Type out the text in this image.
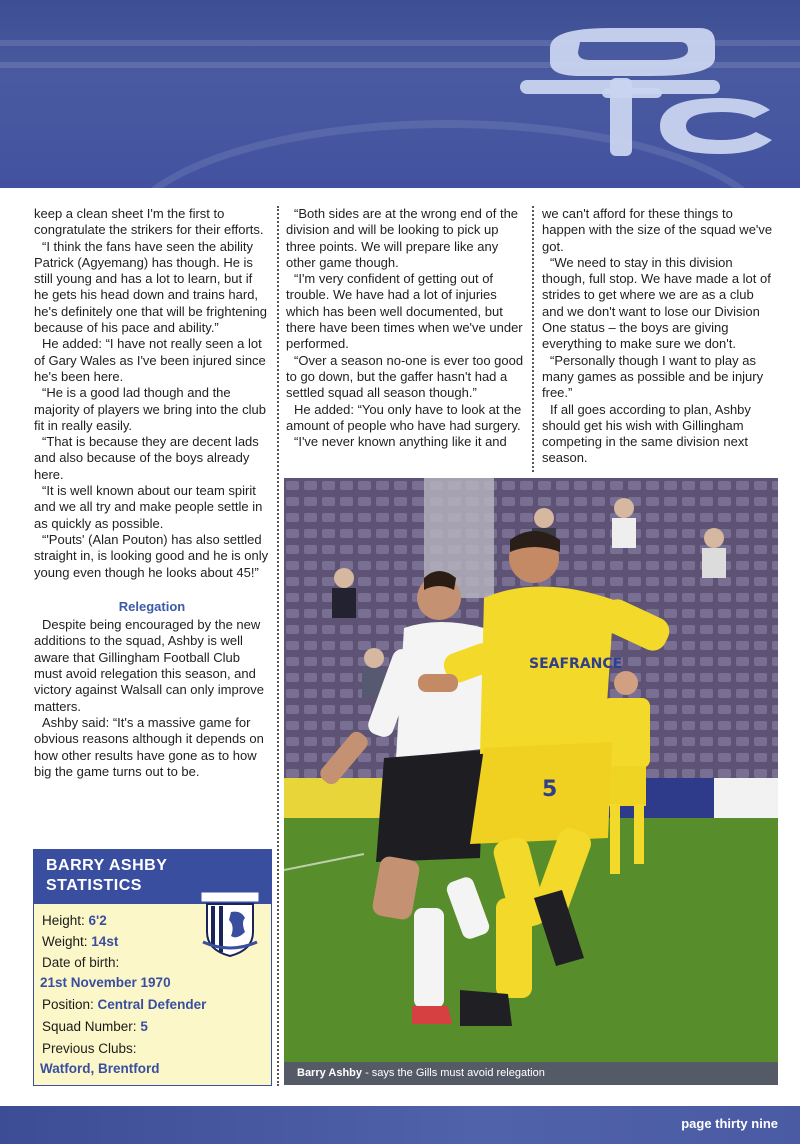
keep a clean sheet I'm the first to congratulate the strikers for their efforts.

“I think the fans have seen the ability Patrick (Agyemang) has though. He is still young and has a lot to learn, but if he gets his head down and trains hard, he's definitely one that will be frightening because of his pace and ability.”

He added: “I have not really seen a lot of Gary Wales as I've been injured since he's been here.

“He is a good lad though and the majority of players we bring into the club fit in really easily.

“That is because they are decent lads and also because of the boys already here.

“It is well known about our team spirit and we all try and make people settle in as quickly as possible.

“'Pouts' (Alan Pouton) has also settled straight in, is looking good and he is only young even though he looks about 45!”

Relegation

Despite being encouraged by the new additions to the squad, Ashby is well aware that Gillingham Football Club must avoid relegation this season, and victory against Walsall can only improve matters.

Ashby said: “It's a massive game for obvious reasons although it depends on how other results have gone as to how big the game turns out to be.

“Both sides are at the wrong end of the division and will be looking to pick up three points. We will prepare like any other game though.

“I'm very confident of getting out of trouble. We have had a lot of injuries which has been well documented, but there have been times when we've under performed.

“Over a season no-one is ever too good to go down, but the gaffer hasn't had a settled squad all season though.”

He added: “You only have to look at the amount of people who have had surgery.

“I've never known anything like it and

we can't afford for these things to happen with the size of the squad we've got.

“We need to stay in this division though, full stop. We have made a lot of strides to get where we are as a club and we don't want to lose our Division One status – the boys are giving everything to make sure we don't.

“Personally though I want to play as many games as possible and be injury free.”

If all goes according to plan, Ashby should get his wish with Gillingham competing in the same division next season.

BARRY ASHBY
STATISTICS
Height: 6'2
Weight: 14st
Date of birth:
21st November 1970
Position: Central Defender
Squad Number: 5
Previous Clubs:
Watford, Brentford
SEAFRANCE
5
Barry Ashby - says the Gills must avoid relegation
page thirty nine
